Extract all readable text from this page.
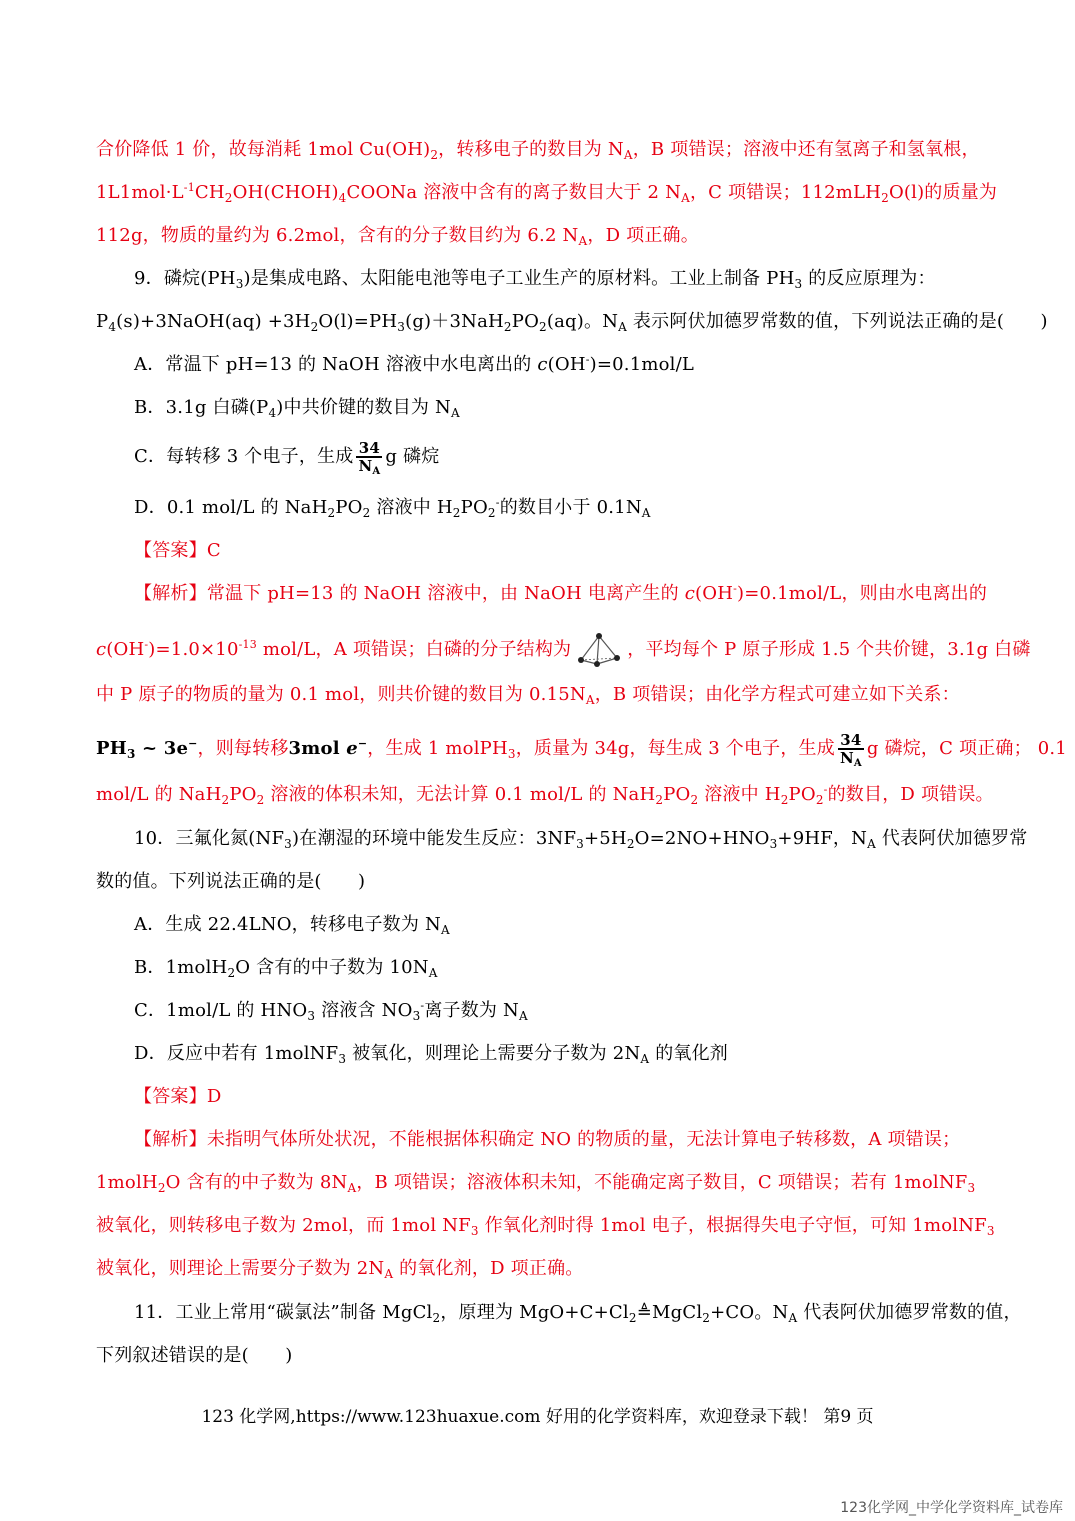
合价降低 1 价，故每消耗 1mol $Cu(OH)_2$，转移电子的数目为 $N_A$，B 项错误；溶液中还有氢离子和氢氧根，
$1L1mol\cdot L^{-1}CH_2OH(CHOH)_4COONa$ 溶液中含有的离子数目大于 2 $N_A$，C 项错误；112mLH$_2$O(l)的质量为
112g，物质的量约为 6.2mol，含有的分子数目约为 6.2 $N_A$，D 项正确。
9．磷烷$(PH_3)$是集成电路、太阳能电池等电子工业生产的原材料。工业上制备 $PH_3$ 的反应原理为：
$P_4(s)+3NaOH(aq) +3H_2O(l)=PH_3(g)+3NaH_2PO_2(aq)$。$N_A$ 表示阿伏加德罗常数的值，下列说法正确的是(　　)
A．常温下 pH=13 的 NaOH 溶液中水电离出的 c(OH-)=0.1mol/L
B．3.1g 白磷$(P_4)$中共价键的数目为 $N_A$
C．每转移 3 个电子，生成 $\frac{34}{N_A}$ g 磷烷
D．0.1 mol/L 的 $NaH_2PO_2$ 溶液中 $H_2PO_2^-$的数目小于 $0.1N_A$
【答案】C
【解析】常温下 pH=13 的 NaOH 溶液中，由 NaOH 电离产生的 c(OH-)=0.1mol/L，则由水电离出的
$c(OH^-)=1.0\times 10^{-13}$ mol/L，A 项错误；白磷的分子结构为	，平均每个 P 原子形成 1.5 个共价键，3.1g 白磷
中 P 原子的物质的量为 0.1 mol，则共价键的数目为 $0.15N_A$，B 项错误；由化学方程式可建立如下关系：
$PH_3$ ~ 3e−，则每转移3mol e−，生成 1 molPH$_3$，质量为 34g，每生成 3 个电子，生成 $\frac{34}{N_A}$ g 磷烷，C 项正确； 0.1
mol/L 的 $NaH_2PO_2$ 溶液的体积未知，无法计算 0.1 mol/L 的 $NaH_2PO_2$ 溶液中 $H_2PO_2^-$的数目，D 项错误。
10．三氟化氮$(NF_3)$在潮湿的环境中能发生反应：$3NF_3+5H_2O=2NO+HNO_3+9HF$，$N_A$ 代表阿伏加德罗常
数的值。下列说法正确的是(　　)
A．生成 22.4LNO，转移电子数为 $N_A$
B．1molH$_2$O 含有的中子数为 $10N_A$
C．1mol/L 的 $HNO_3$ 溶液含 $NO_3^-$离子数为 $N_A$
D．反应中若有 1molNF$_3$ 被氧化，则理论上需要分子数为 $2N_A$ 的氧化剂
【答案】D
【解析】未指明气体所处状况，不能根据体积确定 NO 的物质的量，无法计算电子转移数，A 项错误；
1molH$_2$O 含有的中子数为 $8N_A$，B 项错误；溶液体积未知，不能确定离子数目，C 项错误；若有 1molNF$_3$
被氧化，则转移电子数为 2mol，而 1mol $NF_3$ 作氧化剂时得 1mol 电子，根据得失电子守恒，可知 1molNF$_3$
被氧化，则理论上需要分子数为 $2N_A$ 的氧化剂，D 项正确。
11．工业上常用“碳氯法”制备 MgCl$_2$，原理为 $MgO+C+Cl_2≜MgCl_2+CO$。$N_A$ 代表阿伏加德罗常数的值，
下列叙述错误的是(　　)
123 化学网,https://www.123huaxue.com 好用的化学资料库，欢迎登录下载！ 第9 页
123化学网_中学化学资料库_试卷库
